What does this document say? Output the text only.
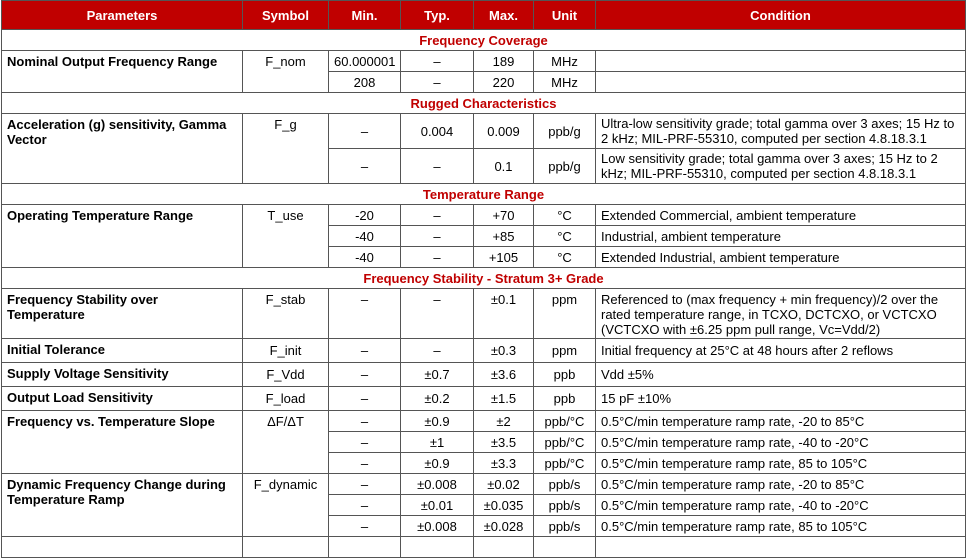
Parameters	Symbol	Min.	Typ.	Max.	Unit	Condition
Frequency Coverage						
Nominal Output Frequency Range	F_nom	60.000001	–	189	MHz	
		208	–	220	MHz	
Rugged Characteristics						
Acceleration (g) sensitivity, Gamma Vector	F_g	–	0.004	0.009	ppb/g	Ultra-low sensitivity grade; total gamma over 3 axes; 15 Hz to 2 kHz; MIL-PRF-55310, computed per section 4.8.18.3.1
		–	–	0.1	ppb/g	Low sensitivity grade; total gamma over 3 axes; 15 Hz to 2 kHz; MIL-PRF-55310, computed per section 4.8.18.3.1
Temperature Range						
Operating Temperature Range	T_use	-20	–	+70	°C	Extended Commercial, ambient temperature
		-40	–	+85	°C	Industrial, ambient temperature
		-40	–	+105	°C	Extended Industrial, ambient temperature
Frequency Stability - Stratum 3+ Grade						
Frequency Stability over Temperature	F_stab	–	–	±0.1	ppm	Referenced to (max frequency + min frequency)/2 over the rated temperature range, in TCXO, DCTCXO, or VCTCXO (VCTCXO with ±6.25 ppm pull range, Vc=Vdd/2)
Initial Tolerance	F_init	–	–	±0.3	ppm	Initial frequency at 25°C at 48 hours after 2 reflows
Supply Voltage Sensitivity	F_Vdd	–	±0.7	±3.6	ppb	Vdd ±5%
Output Load Sensitivity	F_load	–	±0.2	±1.5	ppb	15 pF ±10%
Frequency vs. Temperature Slope	ΔF/ΔT	–	±0.9	±2	ppb/°C	0.5°C/min temperature ramp rate, -20 to 85°C
		–	±1	±3.5	ppb/°C	0.5°C/min temperature ramp rate, -40 to -20°C
		–	±0.9	±3.3	ppb/°C	0.5°C/min temperature ramp rate, 85 to 105°C
Dynamic Frequency Change during Temperature Ramp	F_dynamic	–	±0.008	±0.02	ppb/s	0.5°C/min temperature ramp rate, -20 to 85°C
		–	±0.01	±0.035	ppb/s	0.5°C/min temperature ramp rate, -40 to -20°C
		–	±0.008	±0.028	ppb/s	0.5°C/min temperature ramp rate, 85 to 105°C
